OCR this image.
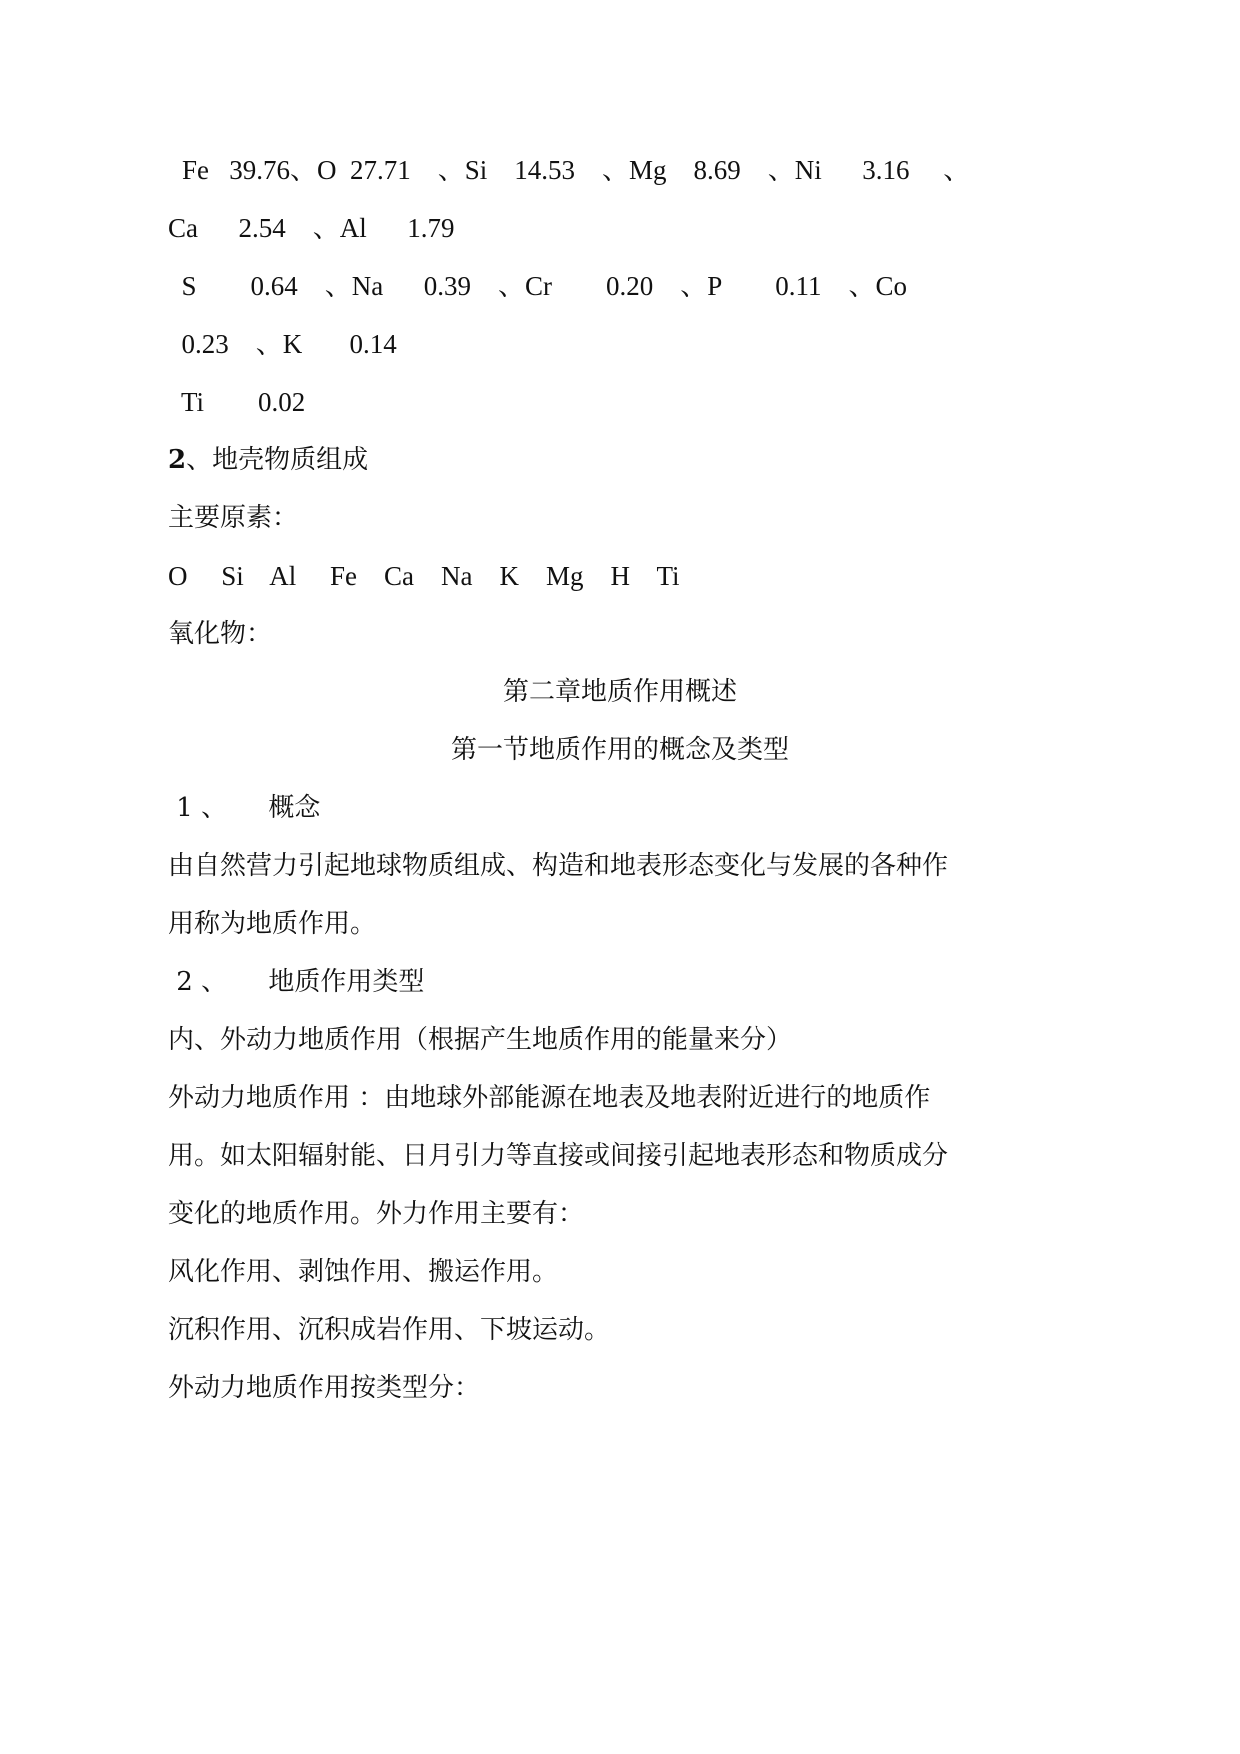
Fe   39.76、O  27.71    、Si    14.53    、Mg    8.69    、Ni      3.16     、
Ca      2.54    、Al      1.79
S        0.64    、Na      0.39    、Cr        0.20    、P        0.11    、Co
0.23    、K       0.14
Ti        0.02
2、地壳物质组成
主要原素：
O     Si    Al     Fe    Ca    Na    K    Mg    H    Ti
氧化物：
第二章地质作用概述
第一节地质作用的概念及类型
1 、     概念
由自然营力引起地球物质组成、构造和地表形态变化与发展的各种作
用称为地质作用。
2 、     地质作用类型
内、外动力地质作用（根据产生地质作用的能量来分）
外动力地质作用 ：由地球外部能源在地表及地表附近进行的地质作
用。如太阳辐射能、日月引力等直接或间接引起地表形态和物质成分
变化的地质作用。外力作用主要有：
风化作用、剥蚀作用、搬运作用。
沉积作用、沉积成岩作用、下坡运动。
外动力地质作用按类型分：
